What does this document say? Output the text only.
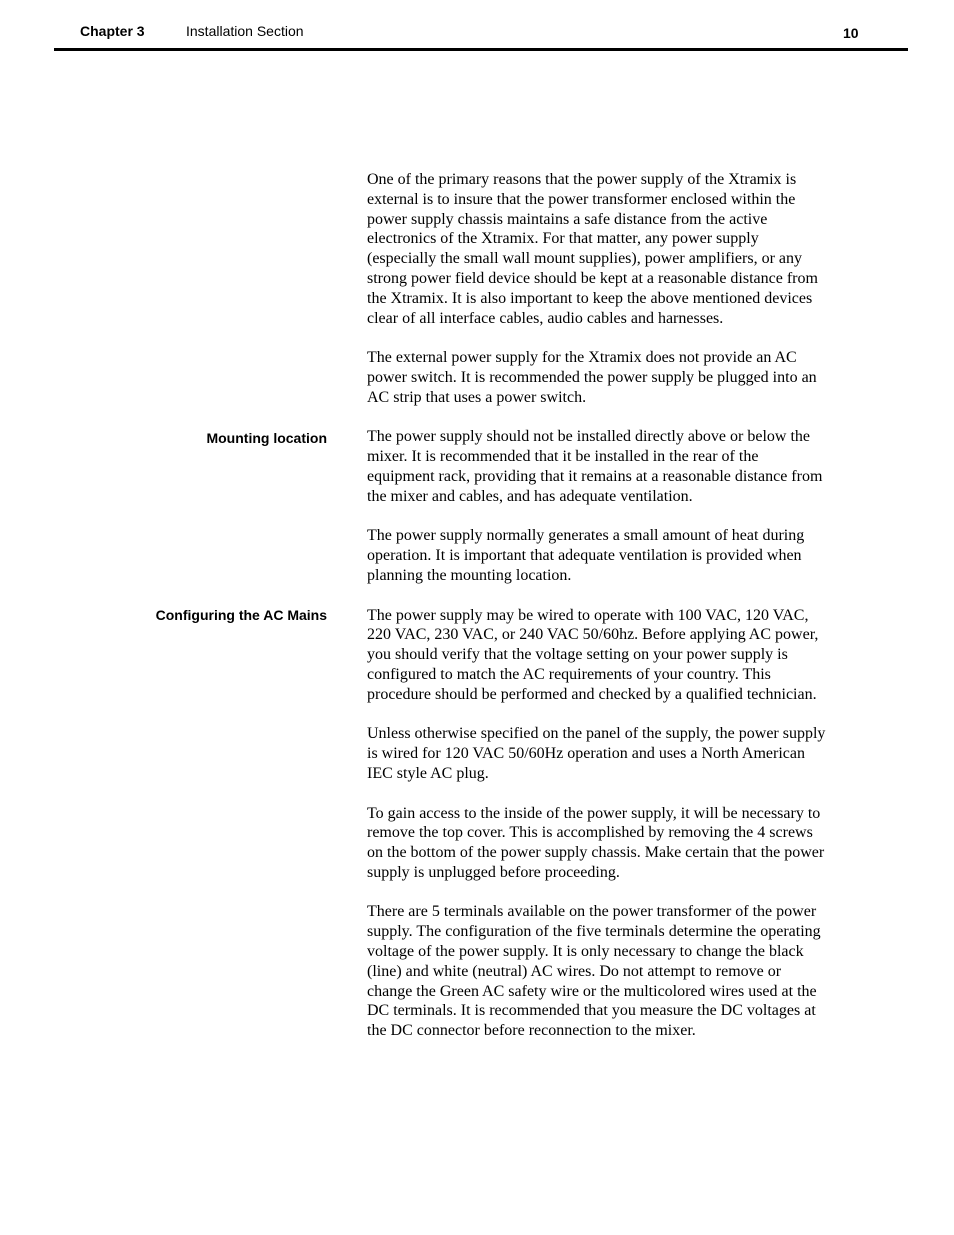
Chapter 3	Installation Section	10
Mounting location
Configuring the AC Mains

One of the primary reasons that the power supply of the Xtramix is
external is to insure that the power transformer enclosed within the
power supply chassis maintains a safe distance from the active
electronics of the Xtramix. For that matter, any power supply
(especially the small wall mount supplies), power amplifiers, or any
strong power field device should be kept at a reasonable distance from
the Xtramix. It is also important to keep the above mentioned devices
clear of all interface cables, audio cables and harnesses.

The external power supply for the Xtramix does not provide an AC
power switch. It is recommended the power supply be plugged into an
AC strip that uses a power switch.

The power supply should not be installed directly above or below the
mixer. It is recommended that it be installed in the rear of the
equipment rack, providing that it remains at a reasonable distance from
the mixer and cables, and has adequate ventilation.

The power supply normally generates a small amount of heat during
operation. It is important that adequate ventilation is provided when
planning the mounting location.

The power supply may be wired to operate with 100 VAC, 120 VAC,
220 VAC, 230 VAC, or 240 VAC 50/60hz. Before applying AC power,
you should verify that the voltage setting on your power supply is
configured to match the AC requirements of your country. This
procedure should be performed and checked by a qualified technician.

Unless otherwise specified on the panel of the supply, the power supply
is wired for 120 VAC 50/60Hz operation and uses a North American
IEC style AC plug.

To gain access to the inside of the power supply, it will be necessary to
remove the top cover. This is accomplished by removing the 4 screws
on the bottom of the power supply chassis. Make certain that the power
supply is unplugged before proceeding.

There are 5 terminals available on the power transformer of the power
supply. The configuration of the five terminals determine the operating
voltage of the power supply. It is only necessary to change the black
(line) and white (neutral) AC wires. Do not attempt to remove or
change the Green AC safety wire or the multicolored wires used at the
DC terminals. It is recommended that you measure the DC voltages at
the DC connector before reconnection to the mixer.
